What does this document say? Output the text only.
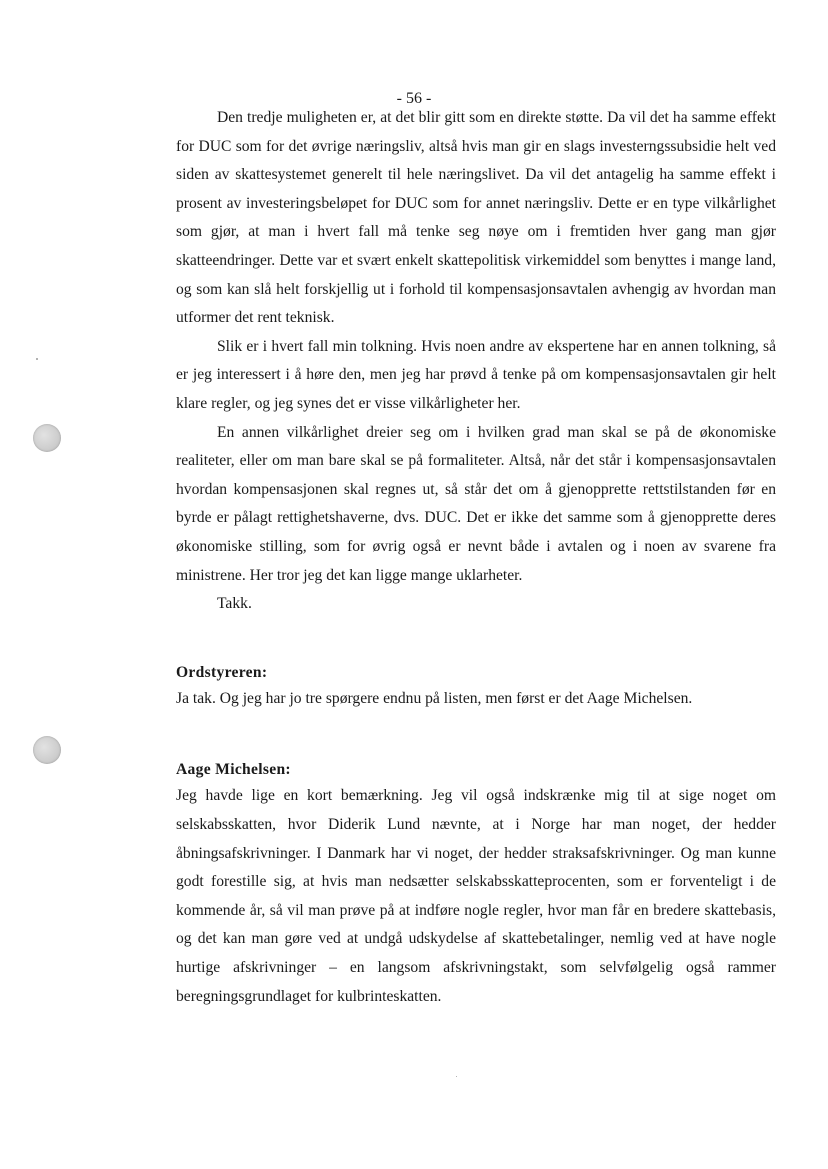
- 56 -

Den tredje muligheten er, at det blir gitt som en direkte støtte. Da vil det ha samme effekt for DUC som for det øvrige næringsliv, altså hvis man gir en slags investerngssubsidie helt ved siden av skattesystemet generelt til hele næringslivet. Da vil det antagelig ha samme effekt i prosent av investeringsbeløpet for DUC som for annet næringsliv. Dette er en type vilkårlighet som gjør, at man i hvert fall må tenke seg nøye om i fremtiden hver gang man gjør skatteendringer. Dette var et svært enkelt skattepolitisk virkemiddel som benyttes i mange land, og som kan slå helt forskjellig ut i forhold til kompensasjonsavtalen avhengig av hvordan man utformer det rent teknisk.

Slik er i hvert fall min tolkning. Hvis noen andre av ekspertene har en annen tolkning, så er jeg interessert i å høre den, men jeg har prøvd å tenke på om kompensasjonsavtalen gir helt klare regler, og jeg synes det er visse vilkårligheter her.

En annen vilkårlighet dreier seg om i hvilken grad man skal se på de økonomiske realiteter, eller om man bare skal se på formaliteter. Altså, når det står i kompensasjonsavtalen hvordan kompensasjonen skal regnes ut, så står det om å gjenopprette rettstilstanden før en byrde er pålagt rettighetshaverne, dvs. DUC. Det er ikke det samme som å gjenopprette deres økonomiske stilling, som for øvrig også er nevnt både i avtalen og i noen av svarene fra ministrene. Her tror jeg det kan ligge mange uklarheter.

Takk.

Ordstyreren:

Ja tak. Og jeg har jo tre spørgere endnu på listen, men først er det Aage Michelsen.

Aage Michelsen:

Jeg havde lige en kort bemærkning. Jeg vil også indskrænke mig til at sige noget om selskabsskatten, hvor Diderik Lund nævnte, at i Norge har man noget, der hedder åbningsafskrivninger. I Danmark har vi noget, der hedder straksafskrivninger. Og man kunne godt forestille sig, at hvis man nedsætter selskabsskatteprocenten, som er forventeligt i de kommende år, så vil man prøve på at indføre nogle regler, hvor man får en bredere skattebasis, og det kan man gøre ved at undgå udskydelse af skattebetalinger, nemlig ved at have nogle hurtige afskrivninger – en langsom afskrivningstakt, som selvfølgelig også rammer beregningsgrundlaget for kulbrinteskatten.
